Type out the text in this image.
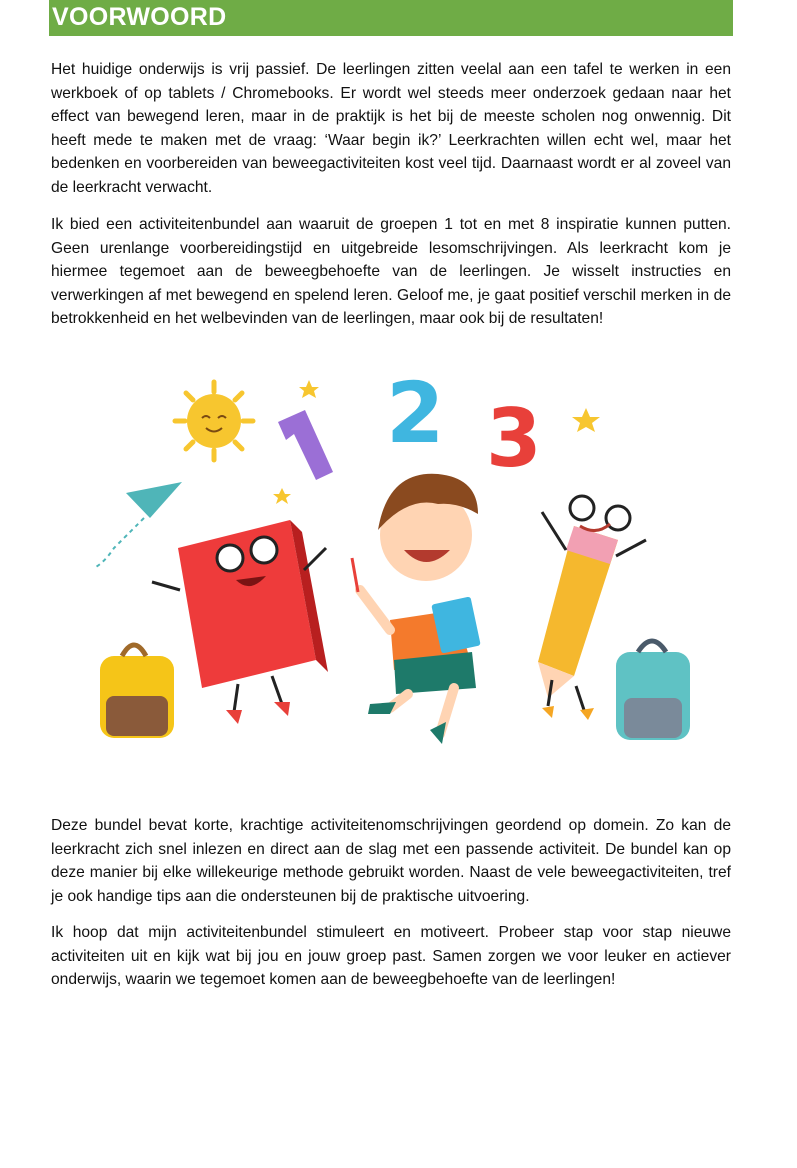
VOORWOORD

Het huidige onderwijs is vrij passief. De leerlingen zitten veelal aan een tafel te werken in een werkboek of op tablets / Chromebooks. Er wordt wel steeds meer onderzoek gedaan naar het effect van bewegend leren, maar in de praktijk is het bij de meeste scholen nog onwennig. Dit heeft mede te maken met de vraag: ‘Waar begin ik?’ Leerkrachten willen echt wel, maar het bedenken en voorbereiden van beweegactiviteiten kost veel tijd. Daarnaast wordt er al zoveel van de leerkracht verwacht.

Ik bied een activiteitenbundel aan waaruit de groepen 1 tot en met 8 inspiratie kunnen putten. Geen urenlange voorbereidingstijd en uitgebreide lesomschrijvingen. Als leerkracht kom je hiermee tegemoet aan de beweegbehoefte van de leerlingen. Je wisselt instructies en verwerkingen af met bewegend en spelend leren. Geloof me, je gaat positief verschil merken in de betrokkenheid en het welbevinden van de leerlingen, maar ook bij de resultaten!

2 3

Deze bundel bevat korte, krachtige activiteitenomschrijvingen geordend op domein. Zo kan de leerkracht zich snel inlezen en direct aan de slag met een passende activiteit. De bundel kan op deze manier bij elke willekeurige methode gebruikt worden. Naast de vele beweegactiviteiten, tref je ook handige tips aan die ondersteunen bij de praktische uitvoering.

Ik hoop dat mijn activiteitenbundel stimuleert en motiveert. Probeer stap voor stap nieuwe activiteiten uit en kijk wat bij jou en jouw groep past. Samen zorgen we voor leuker en actiever onderwijs, waarin we tegemoet komen aan de beweegbehoefte van de leerlingen!
